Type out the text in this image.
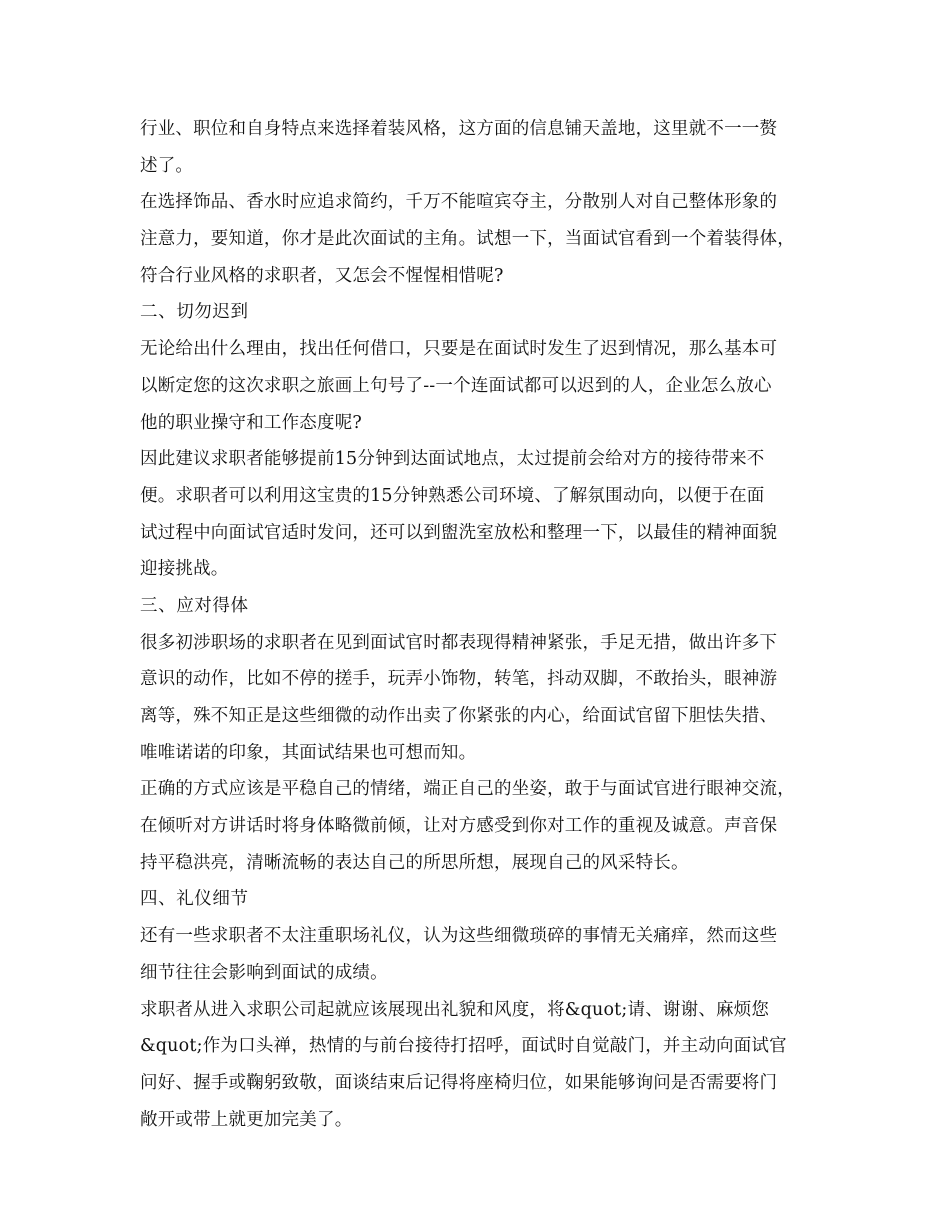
行业、职位和自身特点来选择着装风格，这方面的信息铺天盖地，这里就不一一赘
述了。
在选择饰品、香水时应追求简约，千万不能喧宾夺主，分散别人对自己整体形象的
注意力，要知道，你才是此次面试的主角。试想一下，当面试官看到一个着装得体，
符合行业风格的求职者，又怎会不惺惺相惜呢?
二、切勿迟到
无论给出什么理由，找出任何借口，只要是在面试时发生了迟到情况，那么基本可
以断定您的这次求职之旅画上句号了--一个连面试都可以迟到的人，企业怎么放心
他的职业操守和工作态度呢?
因此建议求职者能够提前15分钟到达面试地点，太过提前会给对方的接待带来不
便。求职者可以利用这宝贵的15分钟熟悉公司环境、了解氛围动向，以便于在面
试过程中向面试官适时发问，还可以到盥洗室放松和整理一下，以最佳的精神面貌
迎接挑战。
三、应对得体
很多初涉职场的求职者在见到面试官时都表现得精神紧张，手足无措，做出许多下
意识的动作，比如不停的搓手，玩弄小饰物，转笔，抖动双脚，不敢抬头，眼神游
离等，殊不知正是这些细微的动作出卖了你紧张的内心，给面试官留下胆怯失措、
唯唯诺诺的印象，其面试结果也可想而知。
正确的方式应该是平稳自己的情绪，端正自己的坐姿，敢于与面试官进行眼神交流，
在倾听对方讲话时将身体略微前倾，让对方感受到你对工作的重视及诚意。声音保
持平稳洪亮，清晰流畅的表达自己的所思所想，展现自己的风采特长。
四、礼仪细节
还有一些求职者不太注重职场礼仪，认为这些细微琐碎的事情无关痛痒，然而这些
细节往往会影响到面试的成绩。
求职者从进入求职公司起就应该展现出礼貌和风度，将&quot;请、谢谢、麻烦您
&quot;作为口头禅，热情的与前台接待打招呼，面试时自觉敲门，并主动向面试官
问好、握手或鞠躬致敬，面谈结束后记得将座椅归位，如果能够询问是否需要将门
敞开或带上就更加完美了。
